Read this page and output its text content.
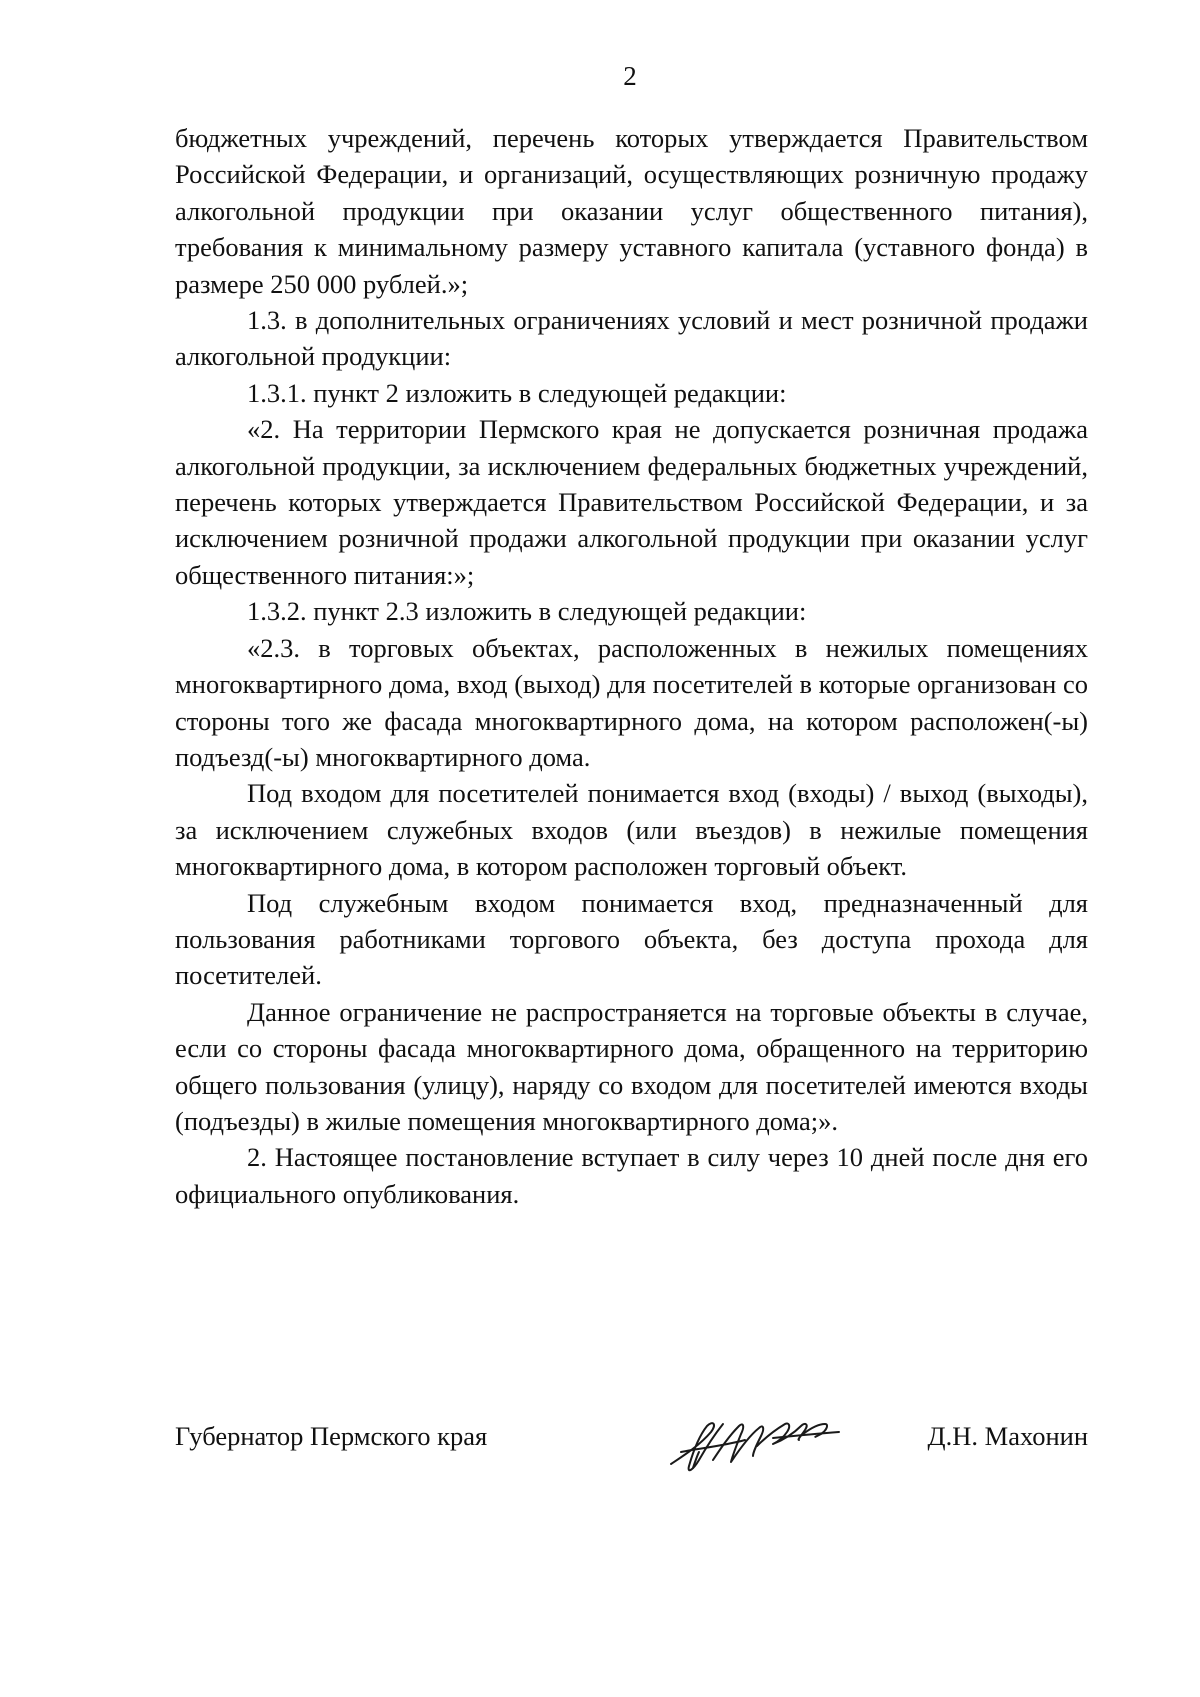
2

бюджетных учреждений, перечень которых утверждается Правительством Российской Федерации, и организаций, осуществляющих розничную продажу алкогольной продукции при оказании услуг общественного питания), требования к минимальному размеру уставного капитала (уставного фонда) в размере 250 000 рублей.»;

1.3. в дополнительных ограничениях условий и мест розничной продажи алкогольной продукции:

1.3.1. пункт 2 изложить в следующей редакции:

«2. На территории Пермского края не допускается розничная продажа алкогольной продукции, за исключением федеральных бюджетных учреждений, перечень которых утверждается Правительством Российской Федерации, и за исключением розничной продажи алкогольной продукции при оказании услуг общественного питания:»;

1.3.2. пункт 2.3 изложить в следующей редакции:

«2.3. в торговых объектах, расположенных в нежилых помещениях многоквартирного дома, вход (выход) для посетителей в которые организован со стороны того же фасада многоквартирного дома, на котором расположен(-ы) подъезд(-ы) многоквартирного дома.

Под входом для посетителей понимается вход (входы) / выход (выходы), за исключением служебных входов (или въездов) в нежилые помещения многоквартирного дома, в котором расположен торговый объект.

Под служебным входом понимается вход, предназначенный для пользования работниками торгового объекта, без доступа прохода для посетителей.

Данное ограничение не распространяется на торговые объекты в случае, если со стороны фасада многоквартирного дома, обращенного на территорию общего пользования (улицу), наряду со входом для посетителей имеются входы (подъезды) в жилые помещения многоквартирного дома;».

2. Настоящее постановление вступает в силу через 10 дней после дня его официального опубликования.

Губернатор Пермского края	Д.Н. Махонин
